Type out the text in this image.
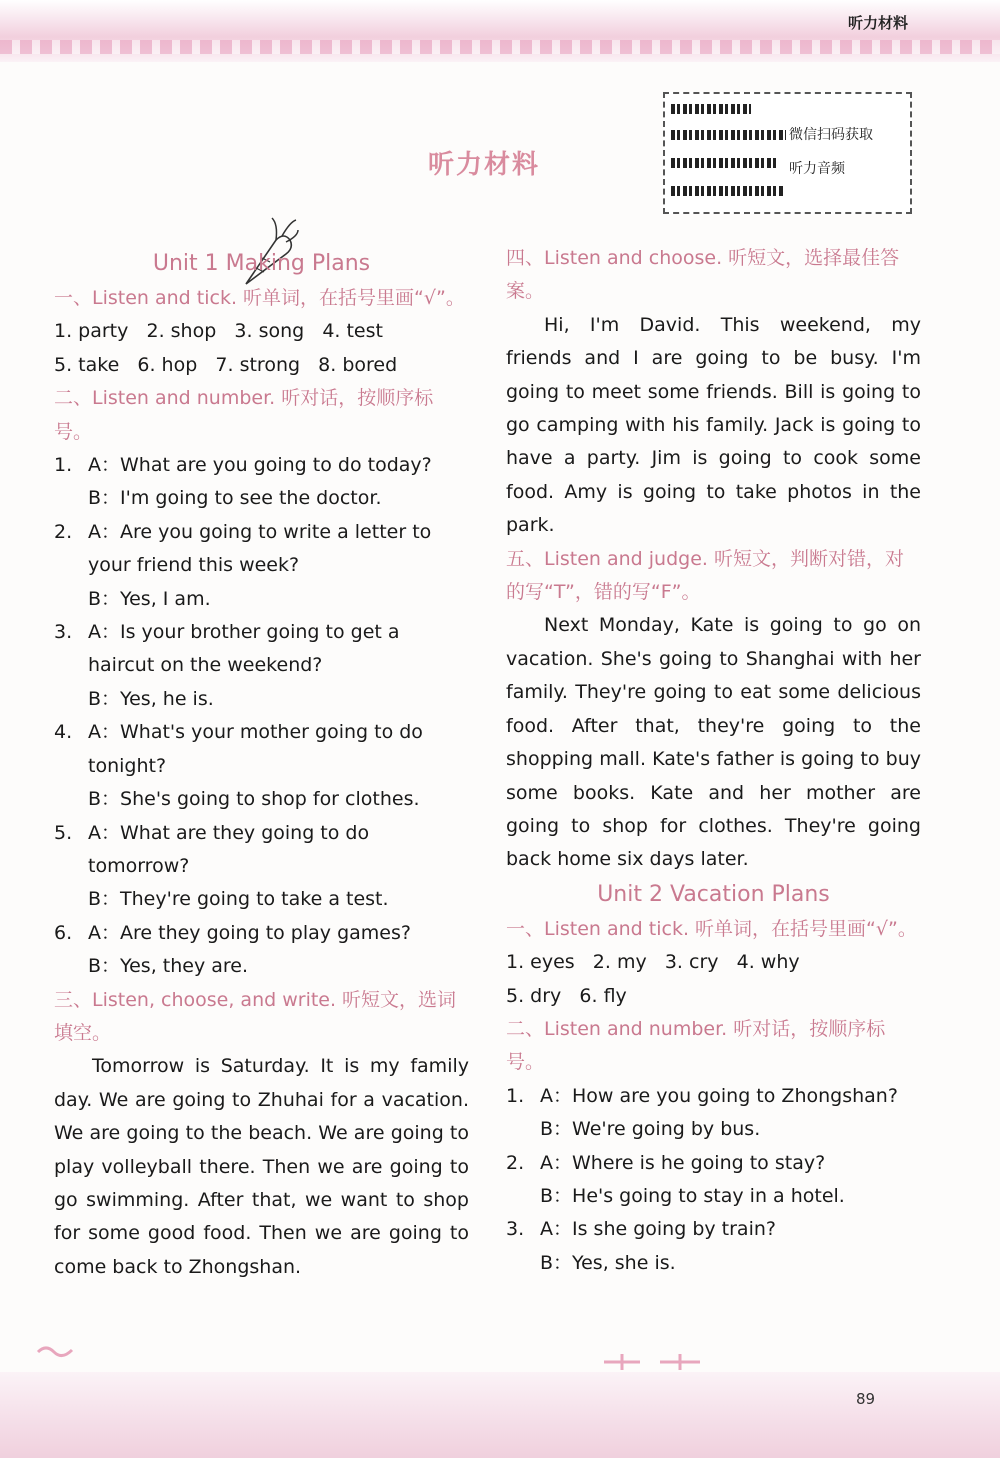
听力材料
听力材料
微信扫码获取
听力音频

Unit 1 Making Plans

一、Listen and tick. 听单词，在括号里画“√”。

1. party   2. shop   3. song   4. test

5. take   6. hop   7. strong   8. bored

二、Listen and number. 听对话，按顺序标号。

1. A：What are you going to do today?
B：I'm going to see the doctor.
2. A：Are you going to write a letter to your friend this week?
B：Yes, I am.
3. A：Is your brother going to get a haircut on the weekend?
B：Yes, he is.
4. A：What's your mother going to do tonight?
B：She's going to shop for clothes.
5. A：What are they going to do tomorrow?
B：They're going to take a test.
6. A：Are they going to play games?
B：Yes, they are.

三、Listen, choose, and write. 听短文，选词填空。

Tomorrow is Saturday. It is my family day. We are going to Zhuhai for a vacation. We are going to the beach. We are going to play volleyball there. Then we are going to go swimming. After that, we want to shop for some good food. Then we are going to come back to Zhongshan.

四、Listen and choose. 听短文，选择最佳答案。

Hi, I'm David. This weekend, my friends and I are going to be busy. I'm going to meet some friends. Bill is going to go camping with his family. Jack is going to have a party. Jim is going to cook some food. Amy is going to take photos in the park.

五、Listen and judge. 听短文，判断对错，对的写“T”，错的写“F”。

Next Monday, Kate is going to go on vacation. She's going to Shanghai with her family. They're going to eat some delicious food. After that, they're going to the shopping mall. Kate's father is going to buy some books. Kate and her mother are going to shop for clothes. They're going back home six days later.

Unit 2 Vacation Plans

一、Listen and tick. 听单词，在括号里画“√”。

1. eyes   2. my   3. cry   4. why

5. dry   6. fly

二、Listen and number. 听对话，按顺序标号。

1. A：How are you going to Zhongshan?
B：We're going by bus.
2. A：Where is he going to stay?
B：He's going to stay in a hotel.
3. A：Is she going by train?
B：Yes, she is.
89
